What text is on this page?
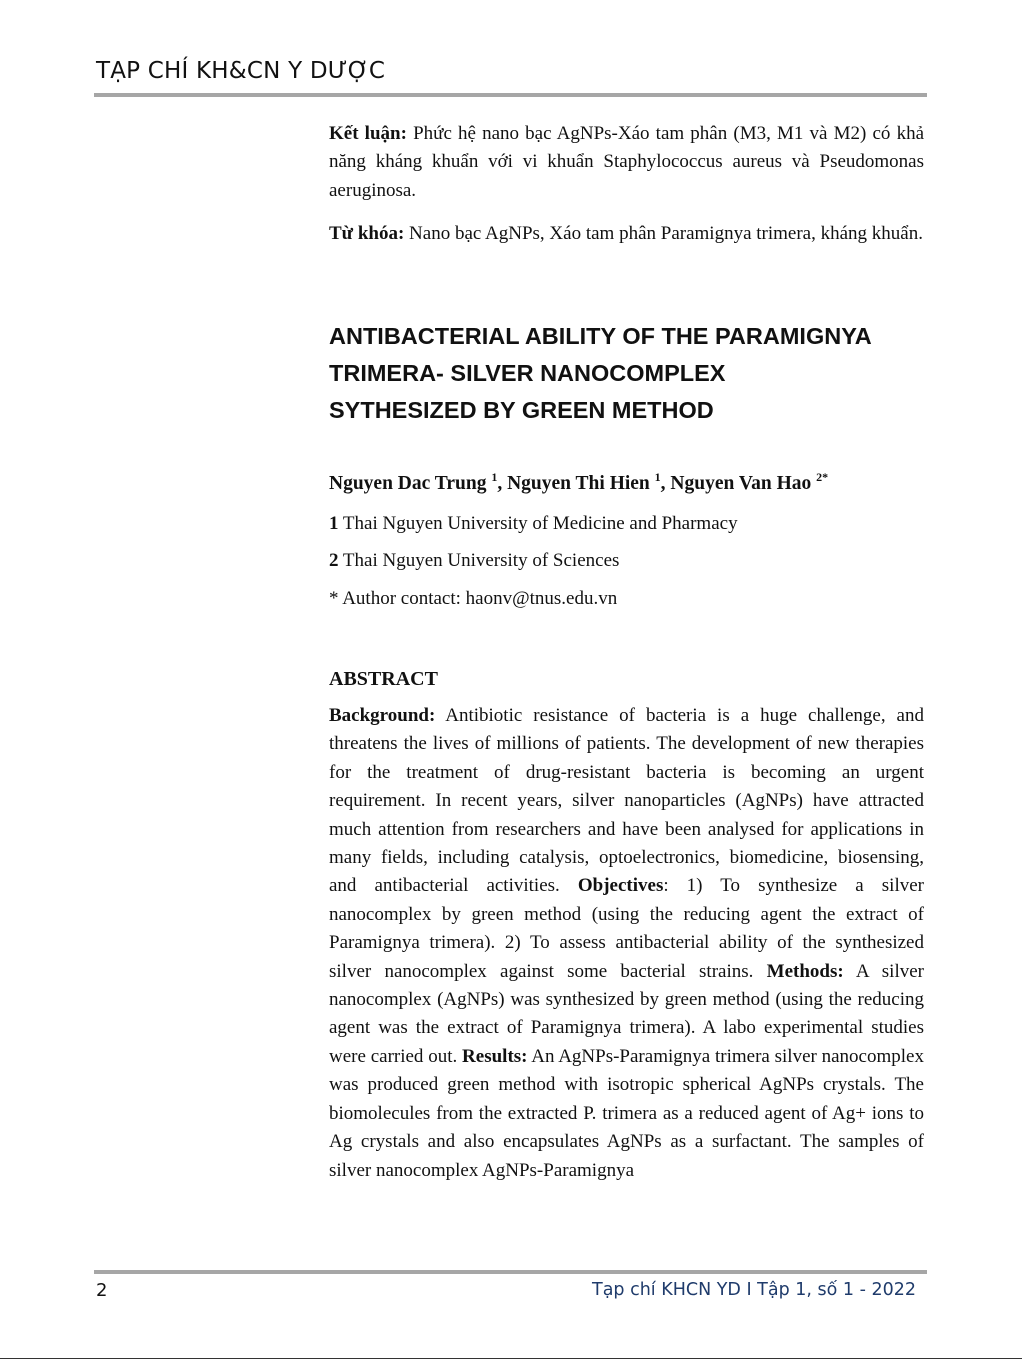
TẠP CHÍ KH&CN Y DƯỢC

Kết luận: Phức hệ nano bạc AgNPs-Xáo tam phân (M3, M1 và M2) có khả năng kháng khuẩn với vi khuẩn Staphylococcus aureus và Pseudomonas aeruginosa.

Từ khóa: Nano bạc AgNPs, Xáo tam phân Paramignya trimera, kháng khuẩn.

ANTIBACTERIAL ABILITY OF THE PARAMIGNYA
TRIMERA- SILVER NANOCOMPLEX
SYTHESIZED BY GREEN METHOD

Nguyen Dac Trung $^1$, Nguyen Thi Hien $^1$, Nguyen Van Hao $^{2*}$

1 Thai Nguyen University of Medicine and Pharmacy

2 Thai Nguyen University of Sciences

* Author contact: haonv@tnus.edu.vn

ABSTRACT

Background: Antibiotic resistance of bacteria is a huge challenge, and threatens the lives of millions of patients. The development of new therapies for the treatment of drug-resistant bacteria is becoming an urgent requirement. In recent years, silver nanoparticles (AgNPs) have attracted much attention from researchers and have been analysed for applications in many fields, including catalysis, optoelectronics, biomedicine, biosensing, and antibacterial activities. Objectives: 1) To synthesize a silver nanocomplex by green method (using the reducing agent the extract of Paramignya trimera). 2) To assess antibacterial ability of the synthesized silver nanocomplex against some bacterial strains. Methods: A silver nanocomplex (AgNPs) was synthesized by green method (using the reducing agent was the extract of Paramignya trimera). A labo experimental studies were carried out. Results: An AgNPs-Paramignya trimera silver nanocomplex was produced green method with isotropic spherical AgNPs crystals. The biomolecules from the extracted P. trimera as a reduced agent of Ag+ ions to Ag crystals and also encapsulates AgNPs as a surfactant. The samples of silver nanocomplex AgNPs-Paramignya

2	Tạp chí KHCN YD I Tập 1, số 1 - 2022
